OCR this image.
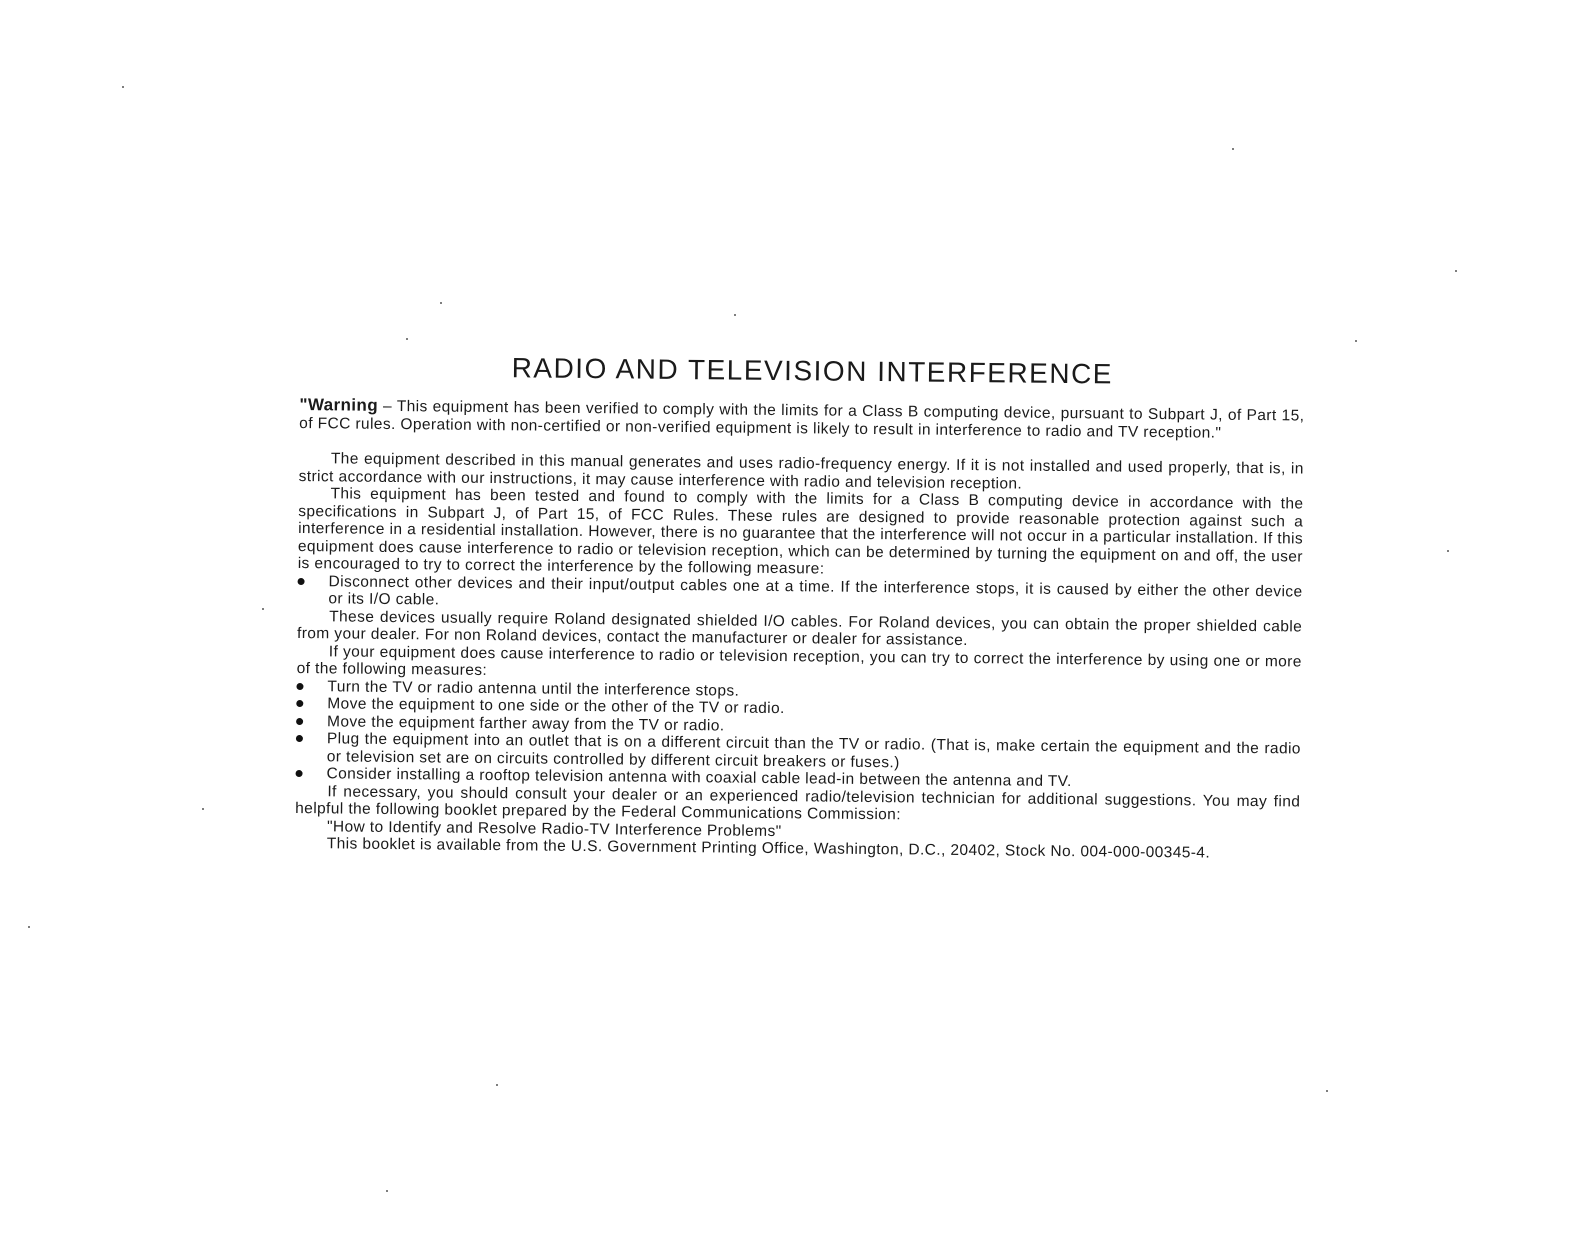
RADIO AND TELEVISION INTERFERENCE

"Warning – This equipment has been verified to comply with the limits for a Class B computing device, pursuant to Subpart J, of Part 15, of FCC rules. Operation with non-certified or non-verified equipment is likely to result in interference to radio and TV reception."

The equipment described in this manual generates and uses radio-frequency energy. If it is not installed and used properly, that is, in strict accordance with our instructions, it may cause interference with radio and television reception.

This equipment has been tested and found to comply with the limits for a Class B computing device in accordance with the specifications in Subpart J, of Part 15, of FCC Rules. These rules are designed to provide reasonable protection against such a interference in a residential installation. However, there is no guarantee that the interference will not occur in a particular installation. If this equipment does cause interference to radio or television reception, which can be determined by turning the equipment on and off, the user is encouraged to try to correct the interference by the following measure:

Disconnect other devices and their input/output cables one at a time. If the interference stops, it is caused by either the other device or its I/O cable.

These devices usually require Roland designated shielded I/O cables. For Roland devices, you can obtain the proper shielded cable from your dealer. For non Roland devices, contact the manufacturer or dealer for assistance.

If your equipment does cause interference to radio or television reception, you can try to correct the interference by using one or more of the following measures:

Turn the TV or radio antenna until the interference stops.
Move the equipment to one side or the other of the TV or radio.
Move the equipment farther away from the TV or radio.
Plug the equipment into an outlet that is on a different circuit than the TV or radio. (That is, make certain the equipment and the radio or television set are on circuits controlled by different circuit breakers or fuses.)
Consider installing a rooftop television antenna with coaxial cable lead-in between the antenna and TV.

If necessary, you should consult your dealer or an experienced radio/television technician for additional suggestions. You may find helpful the following booklet prepared by the Federal Communications Commission:

"How to Identify and Resolve Radio-TV Interference Problems"

This booklet is available from the U.S. Government Printing Office, Washington, D.C., 20402, Stock No. 004-000-00345-4.
